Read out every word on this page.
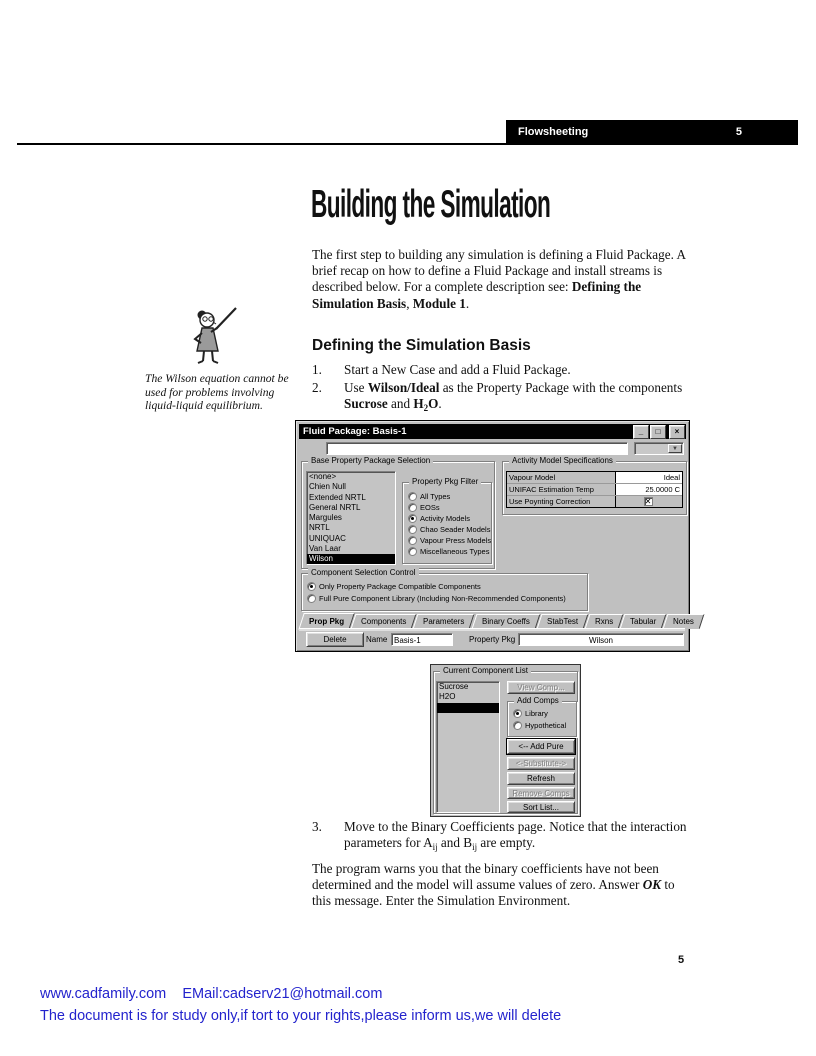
Flowsheeting	5
Building the Simulation
The first step to building any simulation is defining a Fluid Package. A brief recap on how to define a Fluid Package and install streams is described below. For a complete description see: Defining the Simulation Basis, Module 1.
The Wilson equation cannot be used for problems involving liquid-liquid equilibrium.
Defining the Simulation Basis
1. Start a New Case and add a Fluid Package.
2. Use Wilson/Ideal as the Property Package with the components Sucrose and $H_2O$.
Fluid Package: Basis-1	_	□	×
▼
Base Property Package Selection
<none>
Chien Null
Extended NRTL
General NRTL
Margules
NRTL
UNIQUAC
Van Laar
Wilson
Property Pkg Filter
All Types
EOSs
Activity Models
Chao Seader Models
Vapour Press Models
Miscellaneous Types
Activity Model Specifications
Vapour Model	Ideal
UNIFAC Estimation Temp	25.0000 C
Use Poynting Correction
✕
Component Selection Control
Only Property Package Compatible Components
Full Pure Component Library (Including Non-Recommended Components)
Prop Pkg	Components	Parameters	Binary Coeffs	StabTest	Rxns	Tabular	Notes
Delete	Name Basis-1	Property Pkg	Wilson
Current Component List
Sucrose
H2O
View Comp...
Add Comps
Library
Hypothetical
<-- Add Pure
<-Substitute->
Refresh
Remove Comps
Sort List...
3. Move to the Binary Coefficients page. Notice that the interaction parameters for $A_{ij}$ and $B_{ij}$ are empty.
The program warns you that the binary coefficients have not been determined and the model will assume values of zero. Answer OK to this message. Enter the Simulation Environment.
5
www.cadfamily.com    EMail:cadserv21@hotmail.com
The document is for study only,if tort to your rights,please inform us,we will delete
